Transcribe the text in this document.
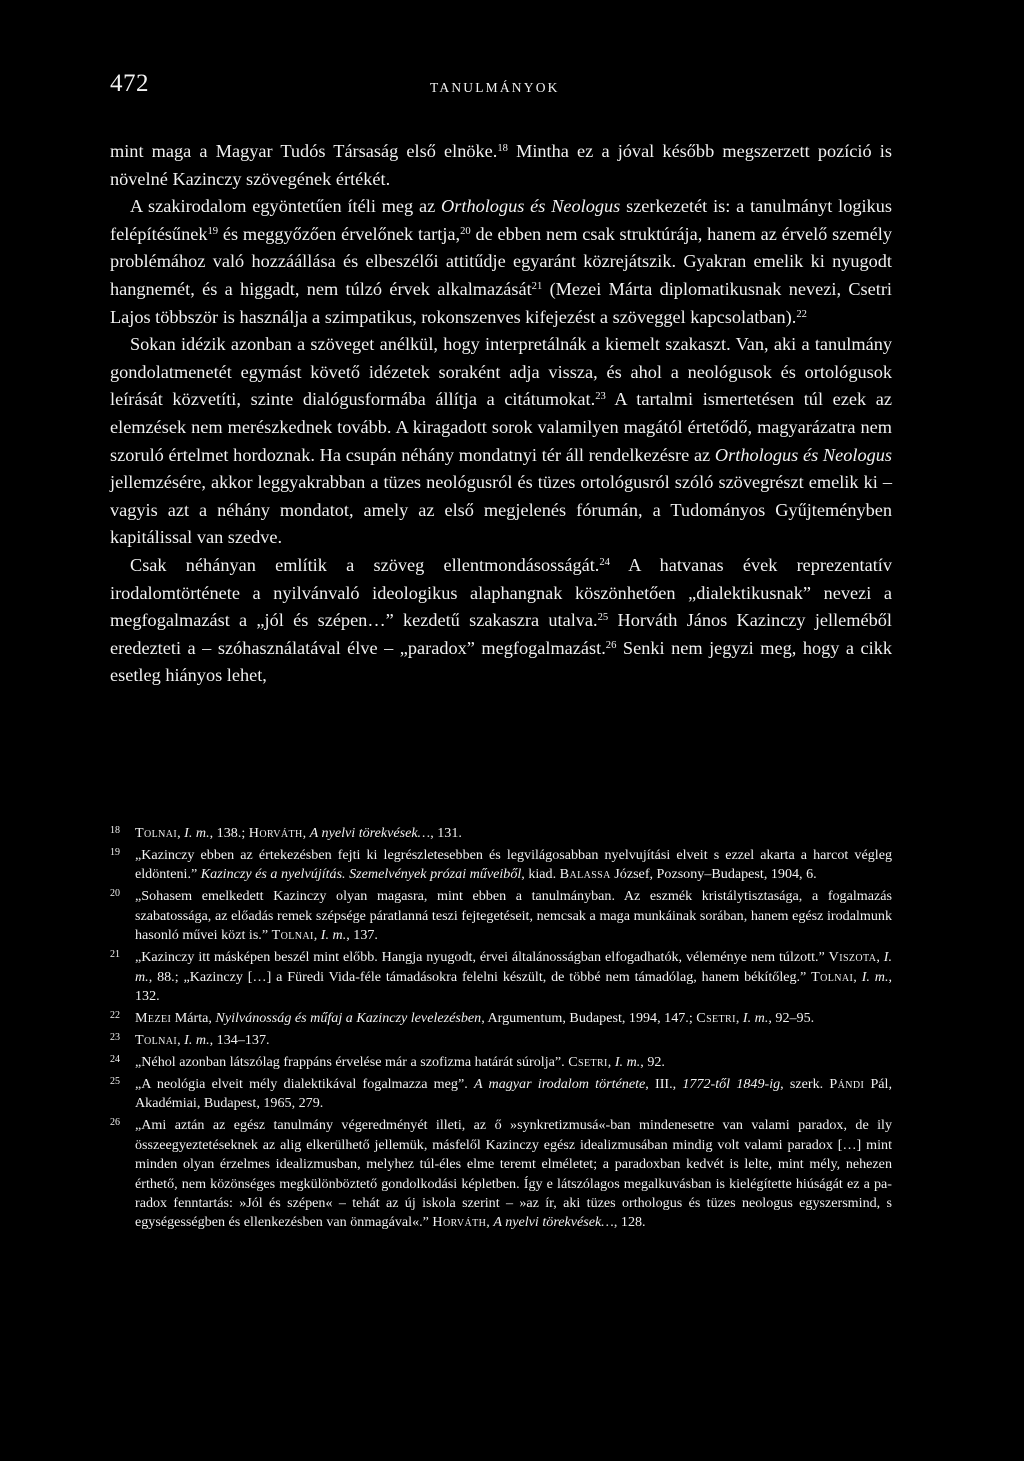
472	TANULMÁNYOK

mint maga a Magyar Tudós Társaság első elnöke.$^{18}$ Mintha ez a jóval később megszerzett pozíció is növelné Kazinczy szövegének értékét.

A szakirodalom egyöntetűen ítéli meg az Orthologus és Neologus szerkezetét is: a tanulmányt logikus felépítésűnek$^{19}$ és meggyőzően érvelőnek tartja,$^{20}$ de ebben nem csak struktúrája, hanem az érvelő személy problémához való hozzáállása és elbeszélői attitűdje egyaránt közrejátszik. Gyakran emelik ki nyugodt hangnemét, és a higgadt, nem túlzó érvek alkalmazását$^{21}$ (Mezei Márta diplomatikusnak nevezi, Csetri Lajos többször is használja a szimpatikus, rokonszenves kifejezést a szöveggel kapcsolatban).$^{22}$

Sokan idézik azonban a szöveget anélkül, hogy interpretálnák a kiemelt szakaszt. Van, aki a tanulmány gondolatmenetét egymást követő idézetek soraként adja vissza, és ahol a neológusok és ortológusok leírását közvetíti, szinte dialógusformába állítja a citátumokat.$^{23}$ A tartalmi ismertetésen túl ezek az elemzések nem merészkednek tovább. A kiragadott sorok valamilyen magától értetődő, magyarázatra nem szoruló értelmet hordoznak. Ha csupán néhány mondatnyi tér áll rendelkezésre az Orthologus és Neologus jellemzésére, akkor leggyakrabban a tüzes neológusról és tüzes ortológusról szóló szövegrészt emelik ki – vagyis azt a néhány mondatot, amely az első megjelenés fórumán, a Tudományos Gyűjteményben kapitálissal van szedve.

Csak néhányan említik a szöveg ellentmondásosságát.$^{24}$ A hatvanas évek reprezentatív irodalomtörténete a nyilvánvaló ideologikus alaphangnak köszönhetően „dialektikusnak” nevezi a megfogalmazást a „jól és szépen…” kezdetű szakaszra utalva.$^{25}$ Horváth János Kazinczy jelleméből eredezteti a – szóhasználatával élve – „paradox” megfogalmazást.$^{26}$ Senki nem jegyzi meg, hogy a cikk esetleg hiányos lehet,

18 Tolnai, I. m., 138.; Horváth, A nyelvi törekvések…, 131.
19 „Kazinczy ebben az értekezésben fejti ki legrészletesebben és legvilágosabban nyelvujítási elveit s ezzel akarta a harcot végleg eldönteni.” Kazinczy és a nyelvújítás. Szemelvények prózai műveiből, kiad. Balassa József, Pozsony–Budapest, 1904, 6.
20 „Sohasem emelkedett Kazinczy olyan magasra, mint ebben a tanulmányban. Az eszmék kristálytisztasága, a fogalmazás szabatossága, az előadás remek szépsége páratlanná teszi fejtegetéseit, nemcsak a maga munkáinak sorában, hanem egész irodalmunk hasonló művei közt is.” Tolnai, I. m., 137.
21 „Kazinczy itt másképen beszél mint előbb. Hangja nyugodt, érvei általánosságban elfogadhatók, véleménye nem túlzott.” Viszota, I. m., 88.; „Kazinczy […] a Füredi Vida-féle támadásokra felelni készült, de többé nem támadólag, hanem békítőleg.” Tolnai, I. m., 132.
22 Mezei Márta, Nyilvánosság és műfaj a Kazinczy levelezésben, Argumentum, Budapest, 1994, 147.; Csetri, I. m., 92–95.
23 Tolnai, I. m., 134–137.
24 „Néhol azonban látszólag frappáns érvelése már a szofizma határát súrolja”. Csetri, I. m., 92.
25 „A neológia elveit mély dialektikával fogalmazza meg”. A magyar irodalom története, III., 1772-től 1849-ig, szerk. Pándi Pál, Akadémiai, Budapest, 1965, 279.
26 „Ami aztán az egész tanulmány végeredményét illeti, az ő »synkretizmusá«-ban mindenesetre van valami paradox, de ily összeegyeztetéseknek az alig elkerülhető jellemük, másfelől Kazinczy egész idealizmusában mindig volt valami paradox […] mint minden olyan érzelmes idealizmusban, melyhez túl-éles elme teremt elméletet; a paradoxban kedvét is lelte, mint mély, nehezen érthető, nem közönséges megkülönböztető gondolkodási képletben. Így e látszólagos megalkuvásban is kielégítette hiúságát ez a paradox fenntartás: »Jól és szépen« – tehát az új iskola szerint – »az ír, aki tüzes orthologus és tüzes neologus egyszersmind, s egységességben és ellenkezésben van önmagával«.” Horváth, A nyelvi törekvések…, 128.
